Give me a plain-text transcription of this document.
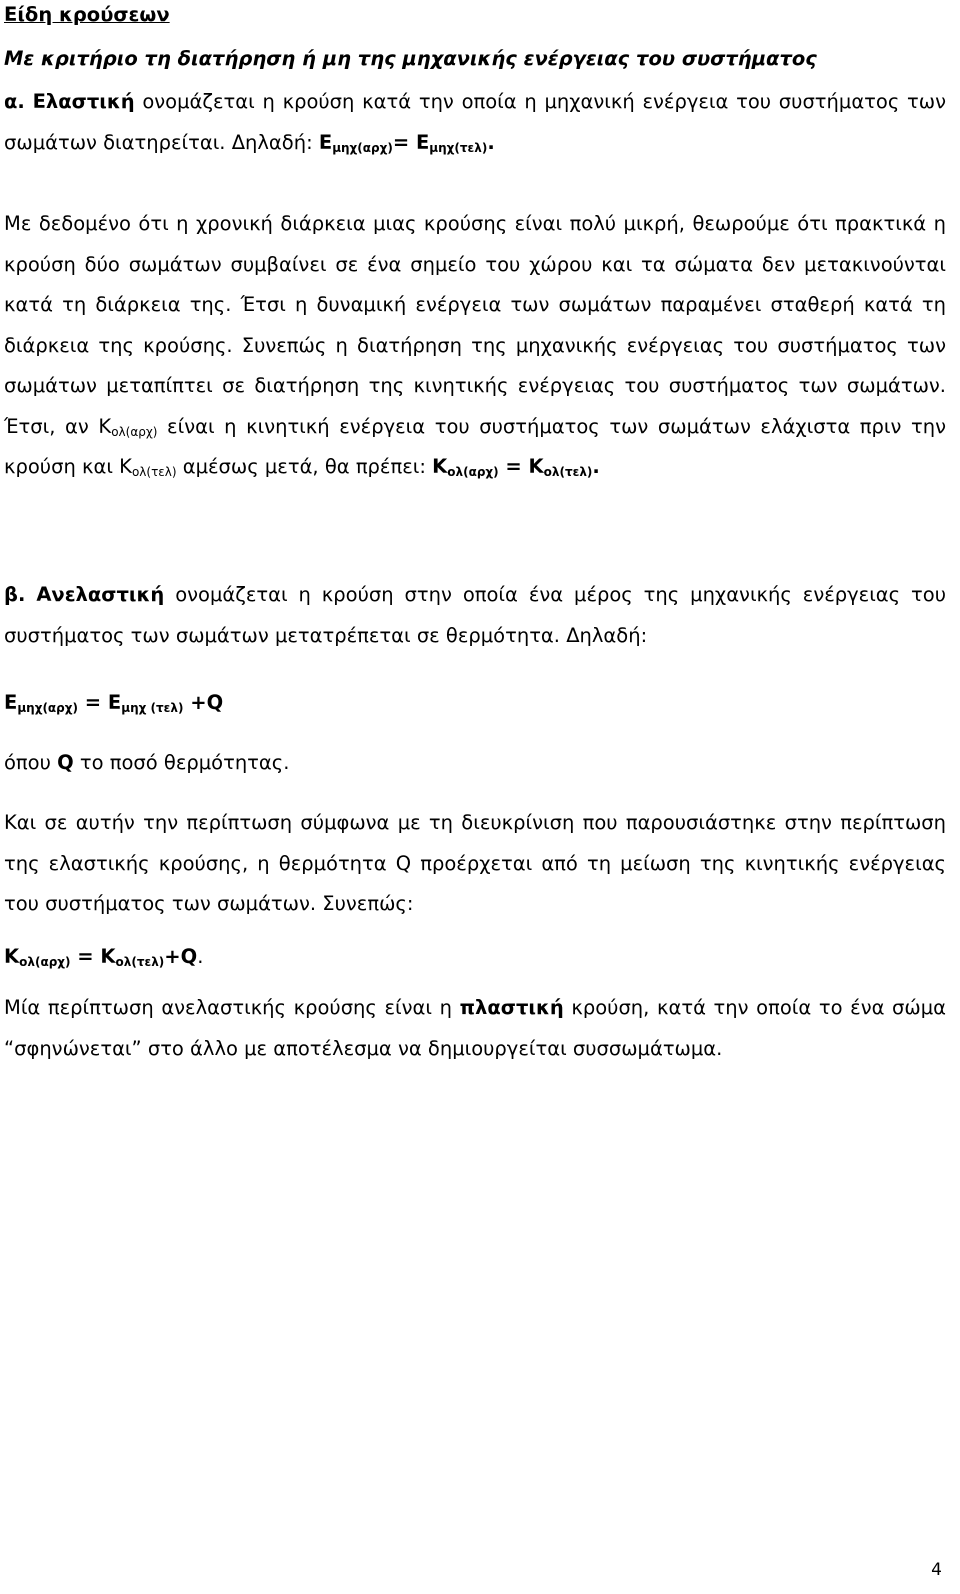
Είδη κρούσεων
Με κριτήριο τη διατήρηση ή μη της μηχανικής ενέργειας του συστήματος

α. Ελαστική ονομάζεται η κρούση κατά την οποία η μηχανική ενέργεια του συστήματος των σωμάτων διατηρείται. Δηλαδή: $E_{\mu\eta\chi(\alpha\rho\chi)}= E_{\mu\eta\chi(\tau\varepsilon\lambda)}$.

Με δεδομένο ότι η χρονική διάρκεια μιας κρούσης είναι πολύ μικρή, θεωρούμε ότι πρακτικά η κρούση δύο σωμάτων συμβαίνει σε ένα σημείο του χώρου και τα σώματα δεν μετακινούνται κατά τη διάρκεια της. Έτσι η δυναμική ενέργεια των σωμάτων παραμένει σταθερή κατά τη διάρκεια της κρούσης. Συνεπώς η διατήρηση της μηχανικής ενέργειας του συστήματος των σωμάτων μεταπίπτει σε διατήρηση της κινητικής ενέργειας του συστήματος των σωμάτων. Έτσι, αν $K_{o\lambda(\alpha\rho\chi)}$ είναι η κινητική ενέργεια του συστήματος των σωμάτων ελάχιστα πριν την κρούση και $K_{o\lambda(\tau\varepsilon\lambda)}$ αμέσως μετά, θα πρέπει: $K_{o\lambda(\alpha\rho\chi)} = K_{o\lambda(\tau\varepsilon\lambda)}$.

β. Ανελαστική ονομάζεται η κρούση στην οποία ένα μέρος της μηχανικής ενέργειας του συστήματος των σωμάτων μετατρέπεται σε θερμότητα. Δηλαδή:

$E_{\mu\eta\chi(\alpha\rho\chi)} = E_{\mu\eta\chi (\tau\varepsilon\lambda)} +Q$
όπου Q το ποσό θερμότητας.

Και σε αυτήν την περίπτωση σύμφωνα με τη διευκρίνιση που παρουσιάστηκε στην περίπτωση της ελαστικής κρούσης, η θερμότητα Q προέρχεται από τη μείωση της κινητικής ενέργειας του συστήματος των σωμάτων. Συνεπώς:

$K_{o\lambda(\alpha\rho\chi)} = K_{o\lambda(\tau\varepsilon\lambda)}+Q$.

Μία περίπτωση ανελαστικής κρούσης είναι η πλαστική κρούση, κατά την οποία το ένα σώμα “σφηνώνεται” στο άλλο με αποτέλεσμα να δημιουργείται συσσωμάτωμα.

4
